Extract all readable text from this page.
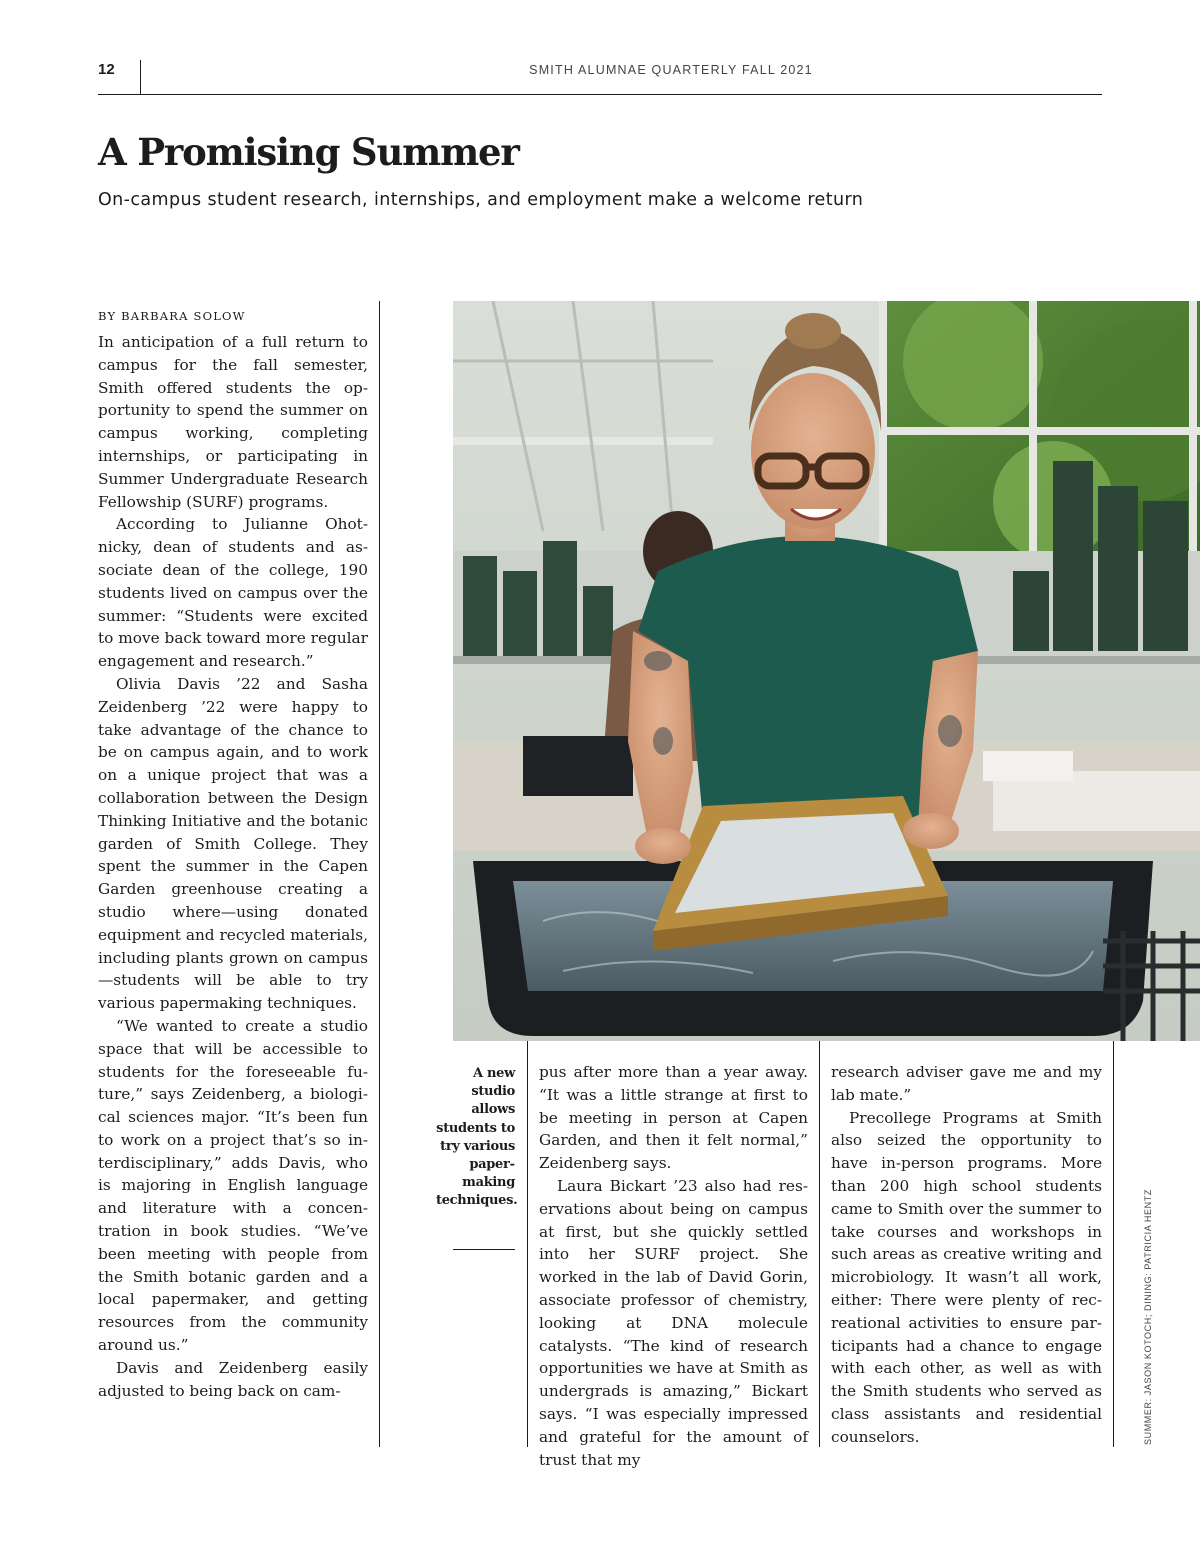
12	SMITH ALUMNAE QUARTERLY FALL 2021
A Promising Summer

On-campus student research, internships, and employment make a welcome return

BY BARBARA SOLOW

In anticipation of a full return to campus for the fall semester, Smith offered students the opportunity to spend the summer on campus working, completing internships, or participating in Summer Undergraduate Research Fellowship (SURF) programs.

According to Julianne Ohotnicky, dean of students and associate dean of the college, 190 students lived on campus over the summer: “Students were excited to move back toward more regular engagement and research.”

Olivia Davis ’22 and Sasha Zeidenberg ’22 were happy to take advantage of the chance to be on campus again, and to work on a unique project that was a collaboration between the Design Thinking Initiative and the botanic garden of Smith College. They spent the summer in the Capen Garden greenhouse creating a studio where—using donated equipment and recycled materials, including plants grown on campus—students will be able to try various papermaking techniques.

“We wanted to create a studio space that will be accessible to students for the foreseeable future,” says Zeidenberg, a biological sciences major. “It’s been fun to work on a project that’s so interdisciplinary,” adds Davis, who is majoring in English language and literature with a concentration in book studies. “We’ve been meeting with people from the Smith botanic garden and a local papermaker, and getting resources from the community around us.”

Davis and Zeidenberg easily adjusted to being back on cam-

A new studio allows students to try various papermaking techniques.

pus after more than a year away. “It was a little strange at first to be meeting in person at Capen Garden, and then it felt normal,” Zeidenberg says.

Laura Bickart ’23 also had reservations about being on campus at first, but she quickly settled into her SURF project. She worked in the lab of David Gorin, associate professor of chemistry, looking at DNA molecule catalysts. “The kind of research opportunities we have at Smith as undergrads is amazing,” Bickart says. “I was especially impressed and grateful for the amount of trust that my

research adviser gave me and my lab mate.”

Precollege Programs at Smith also seized the opportunity to have in-person programs. More than 200 high school students came to Smith over the summer to take courses and workshops in such areas as creative writing and microbiology. It wasn’t all work, either: There were plenty of recreational activities to ensure participants had a chance to engage with each other, as well as with the Smith students who served as class assistants and residential counselors.	SUMMER: JASON KOTOCH; DINING: PATRICIA HENTZ
